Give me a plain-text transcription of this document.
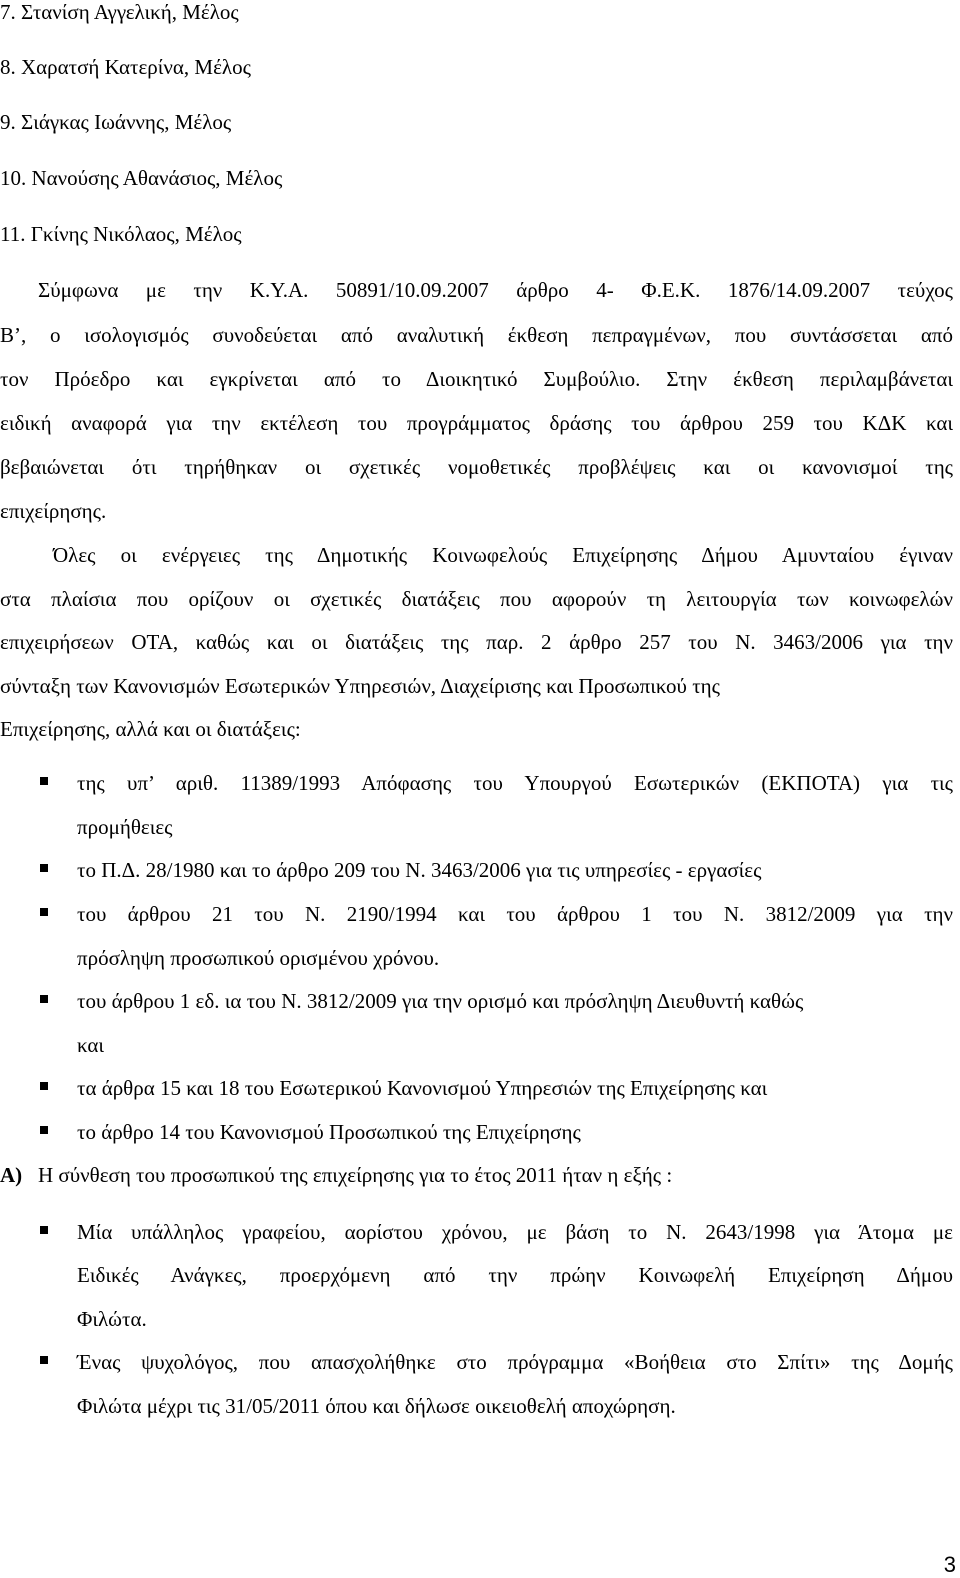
7. Στανίση Αγγελική, Μέλος
8. Χαρατσή Κατερίνα, Μέλος
9. Σιάγκας Ιωάννης, Μέλος
10. Νανούσης Αθανάσιος, Μέλος
11. Γκίνης Νικόλαος, Μέλος
Σύμφωνα με την Κ.Υ.Α. 50891/10.09.2007 άρθρο 4- Φ.Ε.Κ. 1876/14.09.2007 τεύχος
Β’, ο ισολογισμός συνοδεύεται από αναλυτική έκθεση πεπραγμένων, που συντάσσεται από
τον Πρόεδρο και εγκρίνεται από το Διοικητικό Συμβούλιο. Στην έκθεση περιλαμβάνεται
ειδική αναφορά για την εκτέλεση του προγράμματος δράσης του άρθρου 259 του ΚΔΚ και
βεβαιώνεται ότι τηρήθηκαν οι σχετικές νομοθετικές προβλέψεις και οι κανονισμοί της
επιχείρησης.
Όλες οι ενέργειες της Δημοτικής Κοινωφελούς Επιχείρησης Δήμου Αμυνταίου έγιναν
στα πλαίσια που ορίζουν οι σχετικές διατάξεις που αφορούν τη λειτουργία των κοινωφελών
επιχειρήσεων ΟΤΑ, καθώς και οι διατάξεις της παρ. 2 άρθρο 257 του Ν. 3463/2006 για την
σύνταξη των Κανονισμών Εσωτερικών Υπηρεσιών, Διαχείρισης και Προσωπικού της
Επιχείρησης, αλλά και οι διατάξεις:
της υπ’ αριθ. 11389/1993 Απόφασης του Υπουργού Εσωτερικών (ΕΚΠΟΤΑ) για τις
προμήθειες
το Π.Δ. 28/1980 και το άρθρο 209 του Ν. 3463/2006 για τις υπηρεσίες - εργασίες
του άρθρου 21 του Ν. 2190/1994 και του άρθρου 1 του Ν. 3812/2009 για την
πρόσληψη προσωπικού ορισμένου χρόνου.
του άρθρου 1 εδ. ια του Ν. 3812/2009 για την ορισμό και πρόσληψη Διευθυντή καθώς
και
τα άρθρα 15 και 18 του Εσωτερικού Κανονισμού Υπηρεσιών της Επιχείρησης και
το άρθρο 14 του Κανονισμού Προσωπικού της Επιχείρησης
Α) Η σύνθεση του προσωπικού της επιχείρησης για το έτος 2011 ήταν η εξής :
Μία υπάλληλος γραφείου, αορίστου χρόνου, με βάση το Ν. 2643/1998 για Άτομα με
Ειδικές Ανάγκες, προερχόμενη από την πρώην Κοινωφελή Επιχείρηση Δήμου
Φιλώτα.
Ένας ψυχολόγος, που απασχολήθηκε στο πρόγραμμα «Βοήθεια στο Σπίτι» της Δομής
Φιλώτα μέχρι τις 31/05/2011 όπου και δήλωσε οικειοθελή αποχώρηση.
3
